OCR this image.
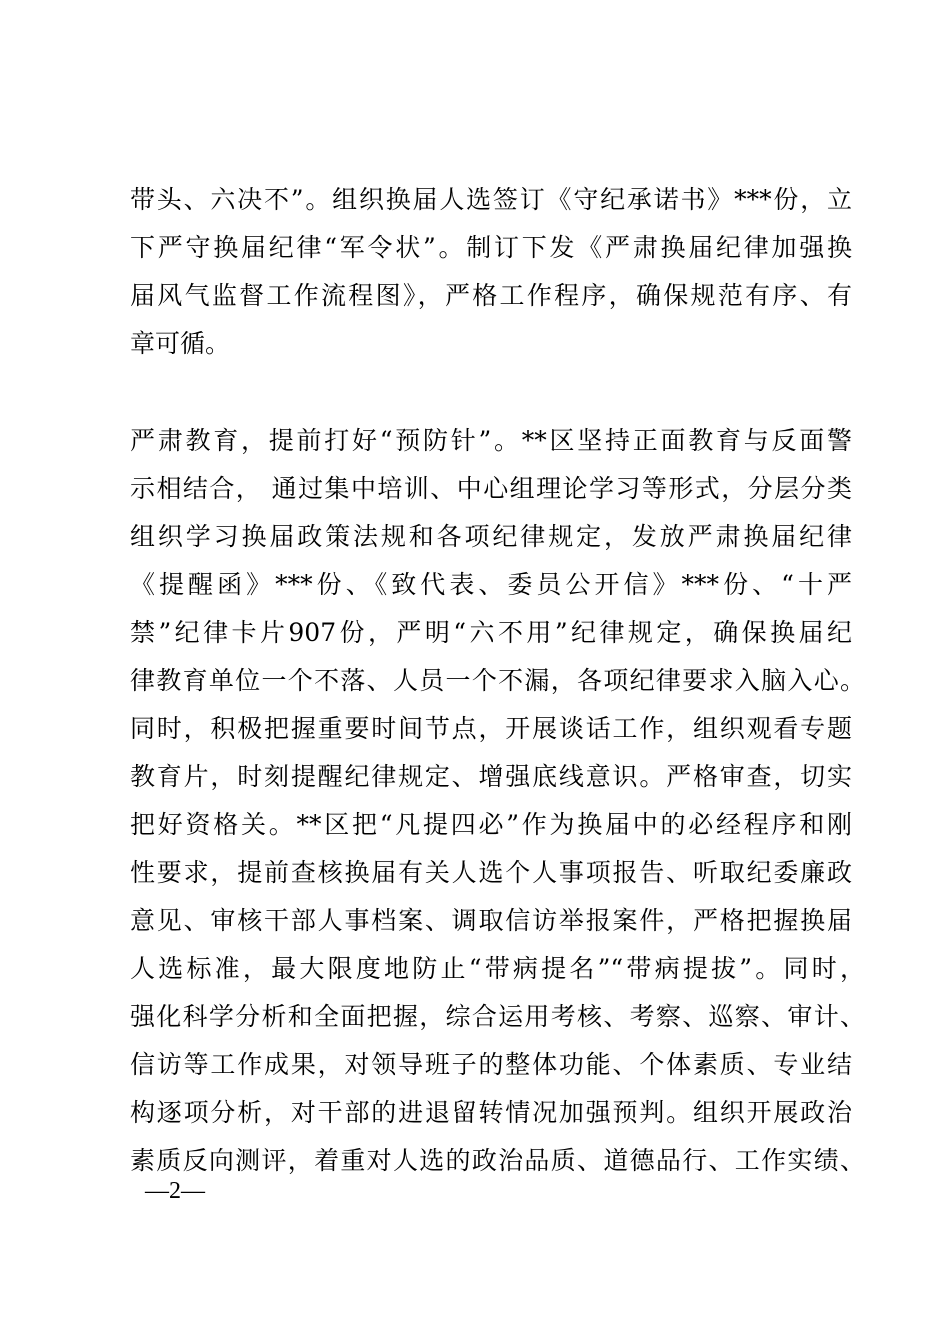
带头、六决不”。组织换届人选签订《守纪承诺书》***份，立
下严守换届纪律“军令状”。制订下发《严肃换届纪律加强换
届风气监督工作流程图》，严格工作程序，确保规范有序、有
章可循。
严肃教育，提前打好“预防针”。**区坚持正面教育与反面警
示相结合， 通过集中培训、中心组理论学习等形式，分层分类
组织学习换届政策法规和各项纪律规定，发放严肃换届纪律
《提醒函》***份、《致代表、委员公开信》***份、“十严
禁”纪律卡片907份，严明“六不用”纪律规定，确保换届纪
律教育单位一个不落、人员一个不漏，各项纪律要求入脑入心。
同时，积极把握重要时间节点，开展谈话工作，组织观看专题
教育片，时刻提醒纪律规定、增强底线意识。严格审查，切实
把好资格关。**区把“凡提四必”作为换届中的必经程序和刚
性要求，提前查核换届有关人选个人事项报告、听取纪委廉政
意见、审核干部人事档案、调取信访举报案件，严格把握换届
人选标准，最大限度地防止“带病提名”“带病提拔”。同时，
强化科学分析和全面把握，综合运用考核、考察、巡察、审计、
信访等工作成果，对领导班子的整体功能、个体素质、专业结
构逐项分析，对干部的进退留转情况加强预判。组织开展政治
素质反向测评，着重对人选的政治品质、道德品行、工作实绩、
—2—
